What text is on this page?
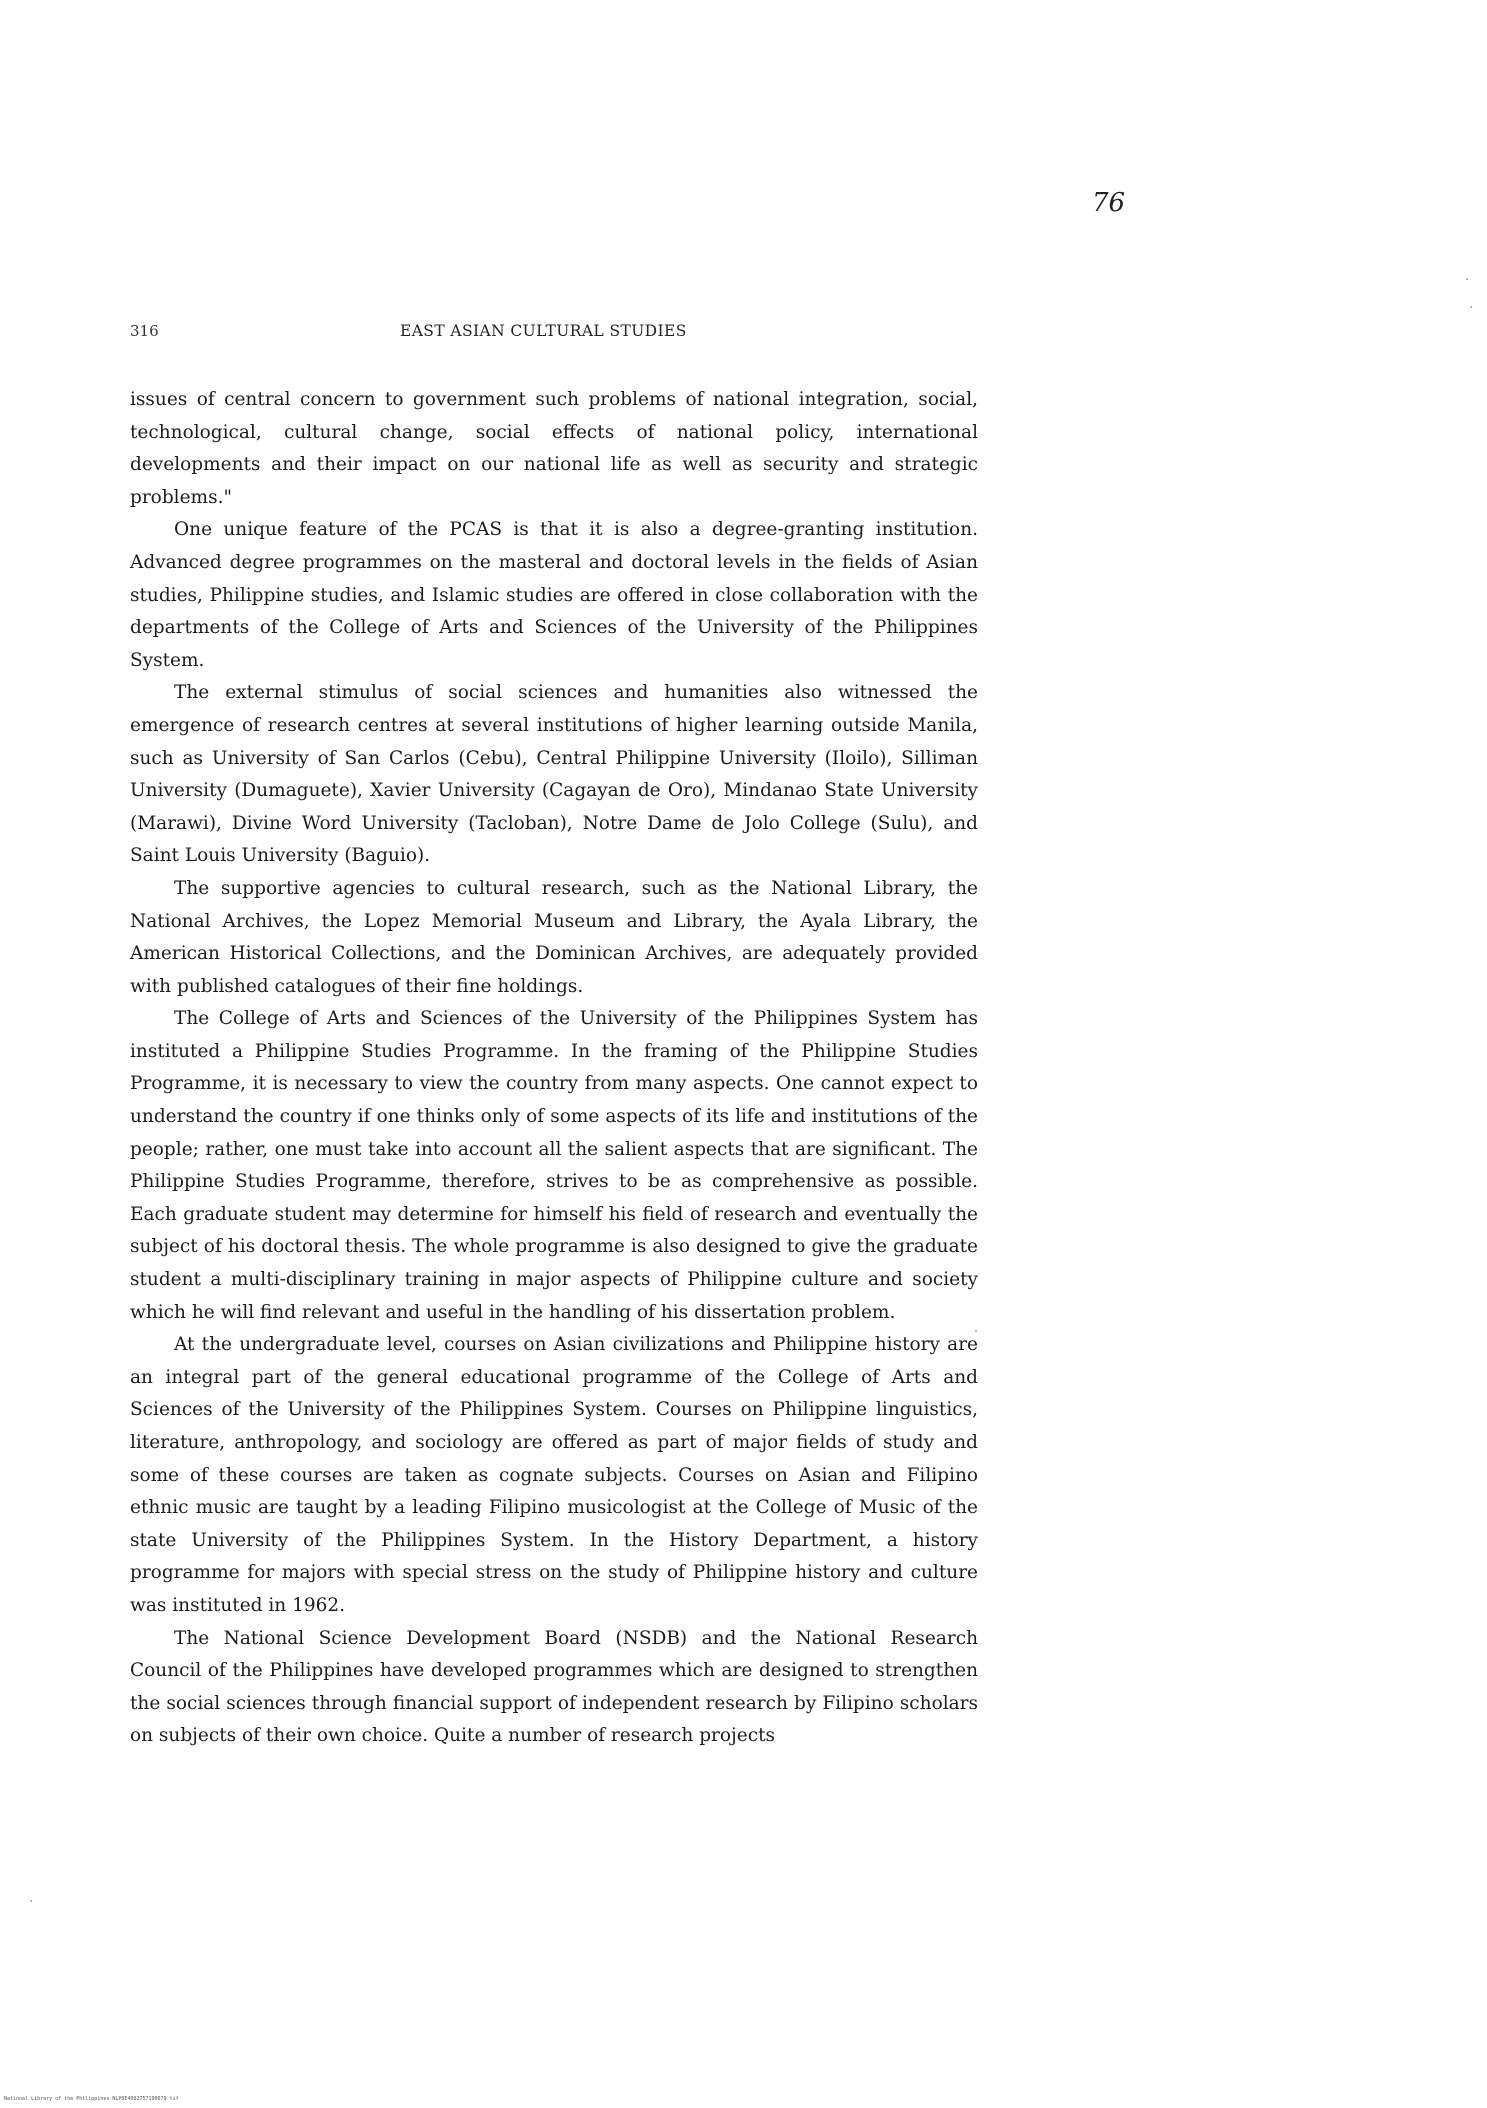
76
316	EAST ASIAN CULTURAL STUDIES

issues of central concern to government such problems of national integration, social, technological, cultural change, social effects of national policy, international developments and their impact on our national life as well as security and strategic problems."

One unique feature of the PCAS is that it is also a degree-granting institution. Advanced degree programmes on the masteral and doctoral levels in the fields of Asian studies, Philippine studies, and Islamic studies are offered in close collaboration with the departments of the College of Arts and Sciences of the University of the Philippines System.

The external stimulus of social sciences and humanities also witnessed the emergence of research centres at several institutions of higher learning outside Manila, such as University of San Carlos (Cebu), Central Philippine University (Iloilo), Silliman University (Dumaguete), Xavier University (Cagayan de Oro), Mindanao State University (Marawi), Divine Word University (Tacloban), Notre Dame de Jolo College (Sulu), and Saint Louis University (Baguio).

The supportive agencies to cultural research, such as the National Library, the National Archives, the Lopez Memorial Museum and Library, the Ayala Library, the American Historical Collections, and the Dominican Archives, are adequately provided with published catalogues of their fine holdings.

The College of Arts and Sciences of the University of the Philippines System has instituted a Philippine Studies Programme. In the framing of the Philippine Studies Programme, it is necessary to view the country from many aspects. One cannot expect to understand the country if one thinks only of some aspects of its life and institutions of the people; rather, one must take into account all the salient aspects that are significant. The Philippine Studies Programme, therefore, strives to be as comprehensive as possible. Each graduate student may determine for himself his field of research and eventually the subject of his doctoral thesis. The whole programme is also designed to give the graduate student a multi-disciplinary training in major aspects of Philippine culture and society which he will find relevant and useful in the handling of his dissertation problem.

At the undergraduate level, courses on Asian civilizations and Philippine history are an integral part of the general educational programme of the College of Arts and Sciences of the University of the Philippines System. Courses on Philippine linguistics, literature, anthropology, and sociology are offered as part of major fields of study and some of these courses are taken as cognate subjects. Courses on Asian and Filipino ethnic music are taught by a leading Filipino musicologist at the College of Music of the state University of the Philippines System. In the History Department, a history programme for majors with special stress on the study of Philippine history and culture was instituted in 1962.

The National Science Development Board (NSDB) and the National Research Council of the Philippines have developed programmes which are designed to strengthen the social sciences through financial support of independent research by Filipino scholars on subjects of their own choice. Quite a number of research projects

National Library of the Philippines NLP0E4002757190079 tif
